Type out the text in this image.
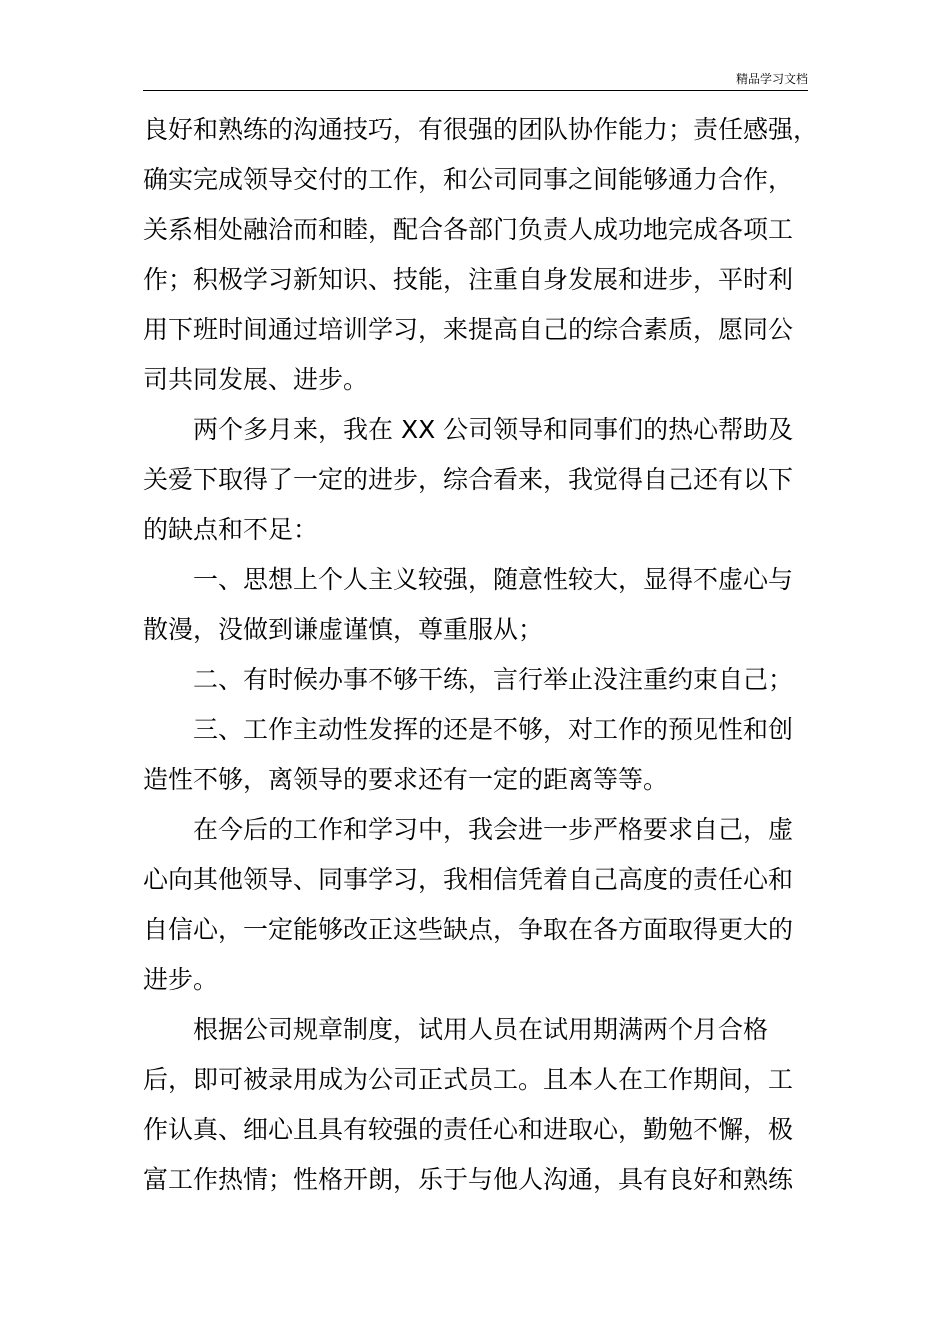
精品学习文档
良好和熟练的沟通技巧，有很强的团队协作能力；责任感强，
确实完成领导交付的工作，和公司同事之间能够通力合作，
关系相处融洽而和睦，配合各部门负责人成功地完成各项工
作；积极学习新知识、技能，注重自身发展和进步，平时利
用下班时间通过培训学习，来提高自己的综合素质，愿同公
司共同发展、进步。
两个多月来，我在 XX 公司领导和同事们的热心帮助及
关爱下取得了一定的进步，综合看来，我觉得自己还有以下
的缺点和不足：
一、思想上个人主义较强，随意性较大，显得不虚心与
散漫，没做到谦虚谨慎，尊重服从；
二、有时候办事不够干练，言行举止没注重约束自己；
三、工作主动性发挥的还是不够，对工作的预见性和创
造性不够，离领导的要求还有一定的距离等等。
在今后的工作和学习中，我会进一步严格要求自己，虚
心向其他领导、同事学习，我相信凭着自己高度的责任心和
自信心，一定能够改正这些缺点，争取在各方面取得更大的
进步。
根据公司规章制度，试用人员在试用期满两个月合格
后，即可被录用成为公司正式员工。且本人在工作期间，工
作认真、细心且具有较强的责任心和进取心，勤勉不懈，极
富工作热情；性格开朗，乐于与他人沟通，具有良好和熟练
